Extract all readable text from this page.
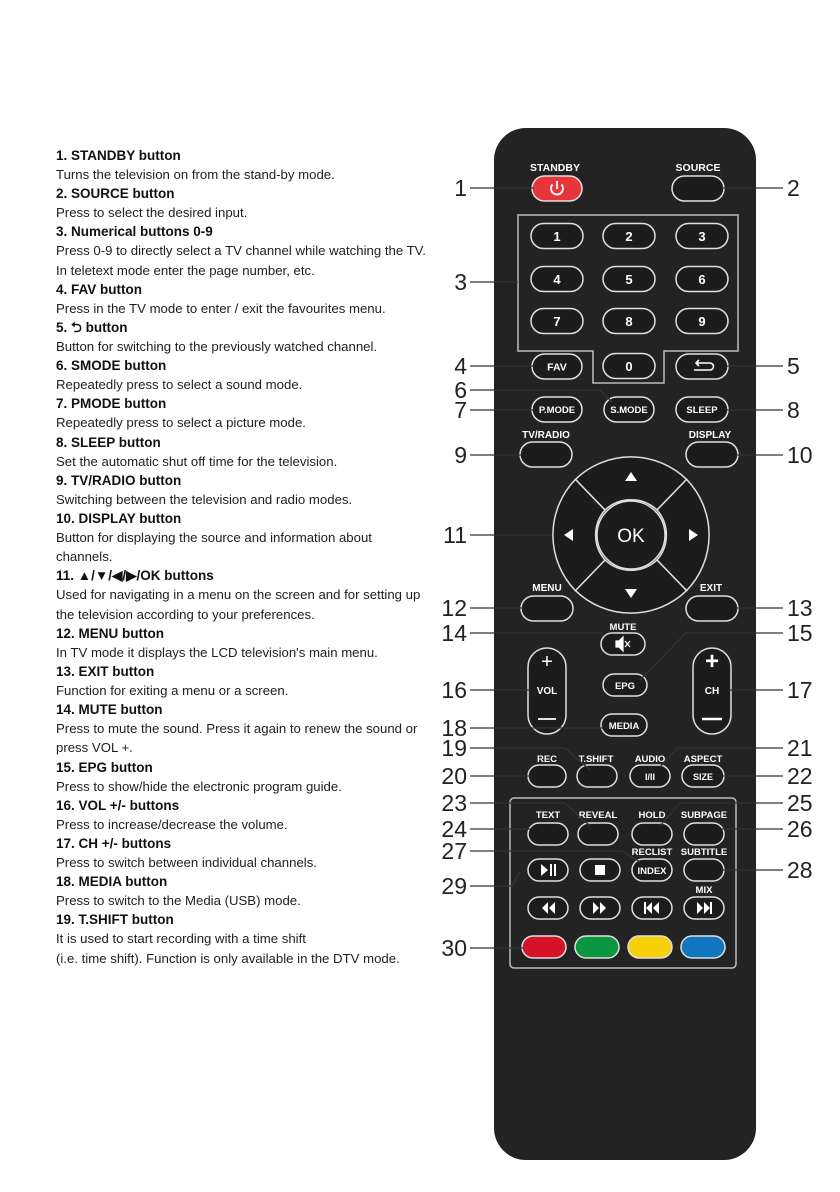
1. STANDBY button

Turns the television on from the stand-by mode.

2. SOURCE button

Press to select the desired input.

3. Numerical buttons 0-9

Press 0-9 to directly select a TV channel while watching the TV.

In teletext mode enter the page number, etc.

4. FAV button

Press in the TV mode to enter / exit the favourites menu.

5. ⮌ button

Button for switching to the previously watched channel.

6. SMODE button

Repeatedly press to select a sound mode.

7. PMODE button

Repeatedly press to select a picture mode.

8. SLEEP button

Set the automatic shut off time for the television.

9. TV/RADIO button

Switching between the television and radio modes.

10. DISPLAY button

Button for displaying the source and information about channels.

11. ▲/▼/◀/▶/OK buttons

Used for navigating in a menu on the screen and for setting up the television according to your preferences.

12. MENU button

In TV mode it displays the LCD television's main menu.

13. EXIT button

Function for exiting a menu or a screen.

14. MUTE button

Press to mute the sound. Press it again to renew the sound or press VOL +.

15. EPG button

Press to show/hide the electronic program guide.

16. VOL +/- buttons

Press to increase/decrease the volume.

17. CH +/- buttons

Press to switch between individual channels.

18. MEDIA button

Press to switch to the Media (USB) mode.

19. T.SHIFT button

It is used to start recording with a time shift

(i.e. time shift). Function is only available in the DTV mode.

STANDBY	SOURCE
1	2	3
4	5	6
7	8	9
0
FAV
P.MODE	S.MODE	SLEEP
TV/RADIO	DISPLAY
OK
MENU	EXIT
MUTE
+
VOL
+
CH
EPG
MEDIA
REC T.SHIFT AUDIO
I/II
ASPECT
SIZE
TEXT REVEAL HOLD SUBPAGE
RECLIST SUBTITLE
INDEX
MIX
1	2
3
4	5
6
7	8
9	10
11
12	13
14	15
16	17
18
19
20
21
22
23
24
25
26
27
28
29
30
